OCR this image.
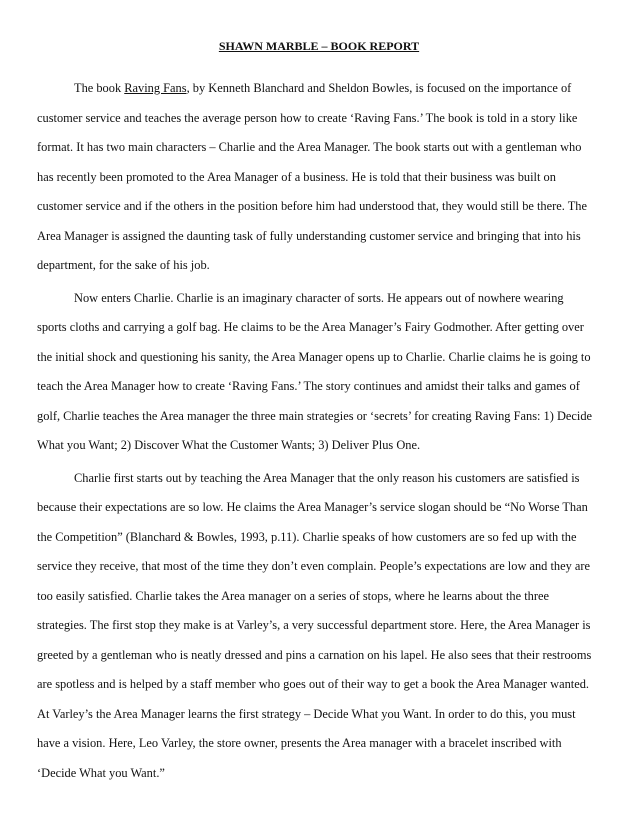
SHAWN MARBLE – BOOK REPORT

The book Raving Fans, by Kenneth Blanchard and Sheldon Bowles, is focused on the importance of
customer service and teaches the average person how to create ‘Raving Fans.’ The book is told in a story like
format. It has two main characters – Charlie and the Area Manager. The book starts out with a gentleman who
has recently been promoted to the Area Manager of a business. He is told that their business was built on
customer service and if the others in the position before him had understood that, they would still be there. The
Area Manager is assigned the daunting task of fully understanding customer service and bringing that into his
department, for the sake of his job.

Now enters Charlie. Charlie is an imaginary character of sorts. He appears out of nowhere wearing
sports cloths and carrying a golf bag. He claims to be the Area Manager’s Fairy Godmother. After getting over
the initial shock and questioning his sanity, the Area Manager opens up to Charlie. Charlie claims he is going to
teach the Area Manager how to create ‘Raving Fans.’ The story continues and amidst their talks and games of
golf, Charlie teaches the Area manager the three main strategies or ‘secrets’ for creating Raving Fans: 1) Decide
What you Want; 2) Discover What the Customer Wants; 3) Deliver Plus One.

Charlie first starts out by teaching the Area Manager that the only reason his customers are satisfied is
because their expectations are so low. He claims the Area Manager’s service slogan should be “No Worse Than
the Competition” (Blanchard & Bowles, 1993, p.11). Charlie speaks of how customers are so fed up with the
service they receive, that most of the time they don’t even complain. People’s expectations are low and they are
too easily satisfied. Charlie takes the Area manager on a series of stops, where he learns about the three
strategies. The first stop they make is at Varley’s, a very successful department store. Here, the Area Manager is
greeted by a gentleman who is neatly dressed and pins a carnation on his lapel. He also sees that their restrooms
are spotless and is helped by a staff member who goes out of their way to get a book the Area Manager wanted.
At Varley’s the Area Manager learns the first strategy – Decide What you Want. In order to do this, you must
have a vision. Here, Leo Varley, the store owner, presents the Area manager with a bracelet inscribed with
‘Decide What you Want.”
